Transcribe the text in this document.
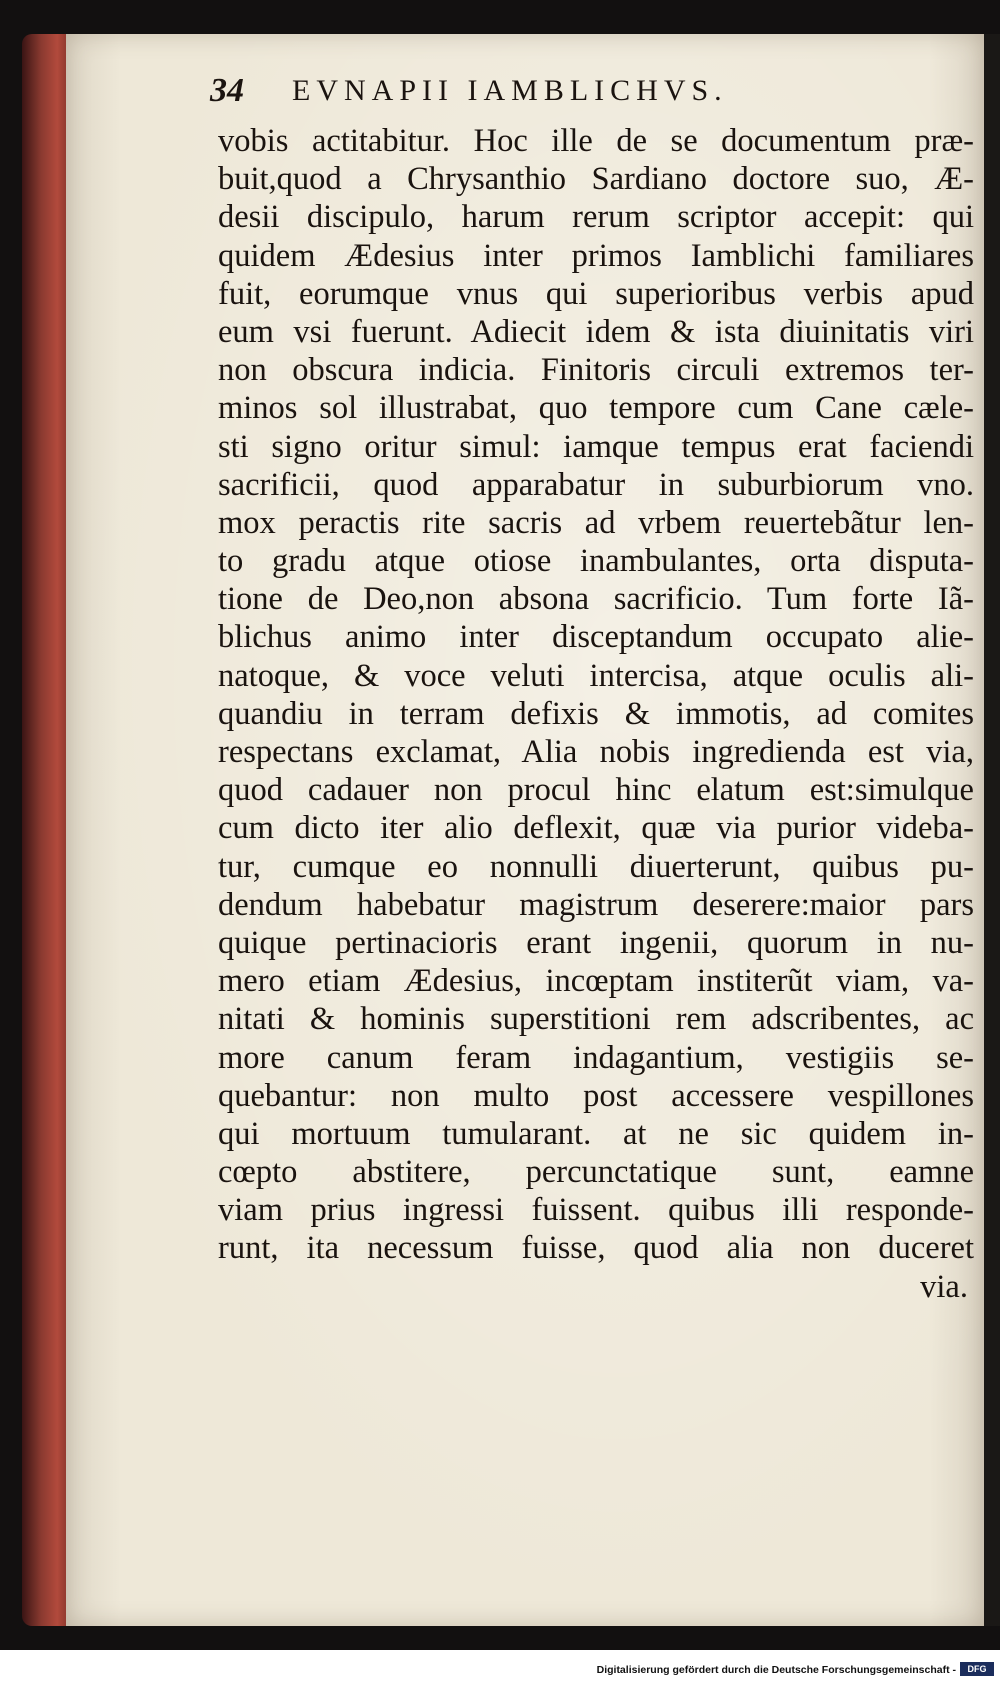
34 EVNAPII IAMBLICHVS.
vobis actitabitur. Hoc ille de se documentum præ-
buit,quod a Chrysanthio Sardiano doctore suo, Æ-
desii discipulo, harum rerum scriptor accepit: qui
quidem Ædesius inter primos Iamblichi familiares
fuit, eorumque vnus qui superioribus verbis apud
eum vsi fuerunt. Adiecit idem & ista diuinitatis viri
non obscura indicia. Finitoris circuli extremos ter-
minos sol illustrabat, quo tempore cum Cane cæle-
sti signo oritur simul: iamque tempus erat faciendi
sacrificii, quod apparabatur in suburbiorum vno.
mox peractis rite sacris ad vrbem reuertebãtur len-
to gradu atque otiose inambulantes, orta disputa-
tione de Deo,non absona sacrificio. Tum forte Iã-
blichus animo inter disceptandum occupato alie-
natoque, & voce veluti intercisa, atque oculis ali-
quandiu in terram defixis & immotis, ad comites
respectans exclamat, Alia nobis ingredienda est via,
quod cadauer non procul hinc elatum est:simulque
cum dicto iter alio deflexit, quæ via purior videba-
tur, cumque eo nonnulli diuerterunt, quibus pu-
dendum habebatur magistrum deserere:maior pars
quique pertinacioris erant ingenii, quorum in nu-
mero etiam Ædesius, incœptam institerũt viam, va-
nitati & hominis superstitioni rem adscribentes, ac
more canum feram indagantium, vestigiis se-
quebantur: non multo post accessere vespillones
qui mortuum tumularant. at ne sic quidem in-
cœpto abstitere, percunctatique sunt, eamne
viam prius ingressi fuissent. quibus illi responde-
runt, ita necessum fuisse, quod alia non duceret
via.
Digitalisierung gefördert durch die Deutsche Forschungsgemeinschaft -	DFG
